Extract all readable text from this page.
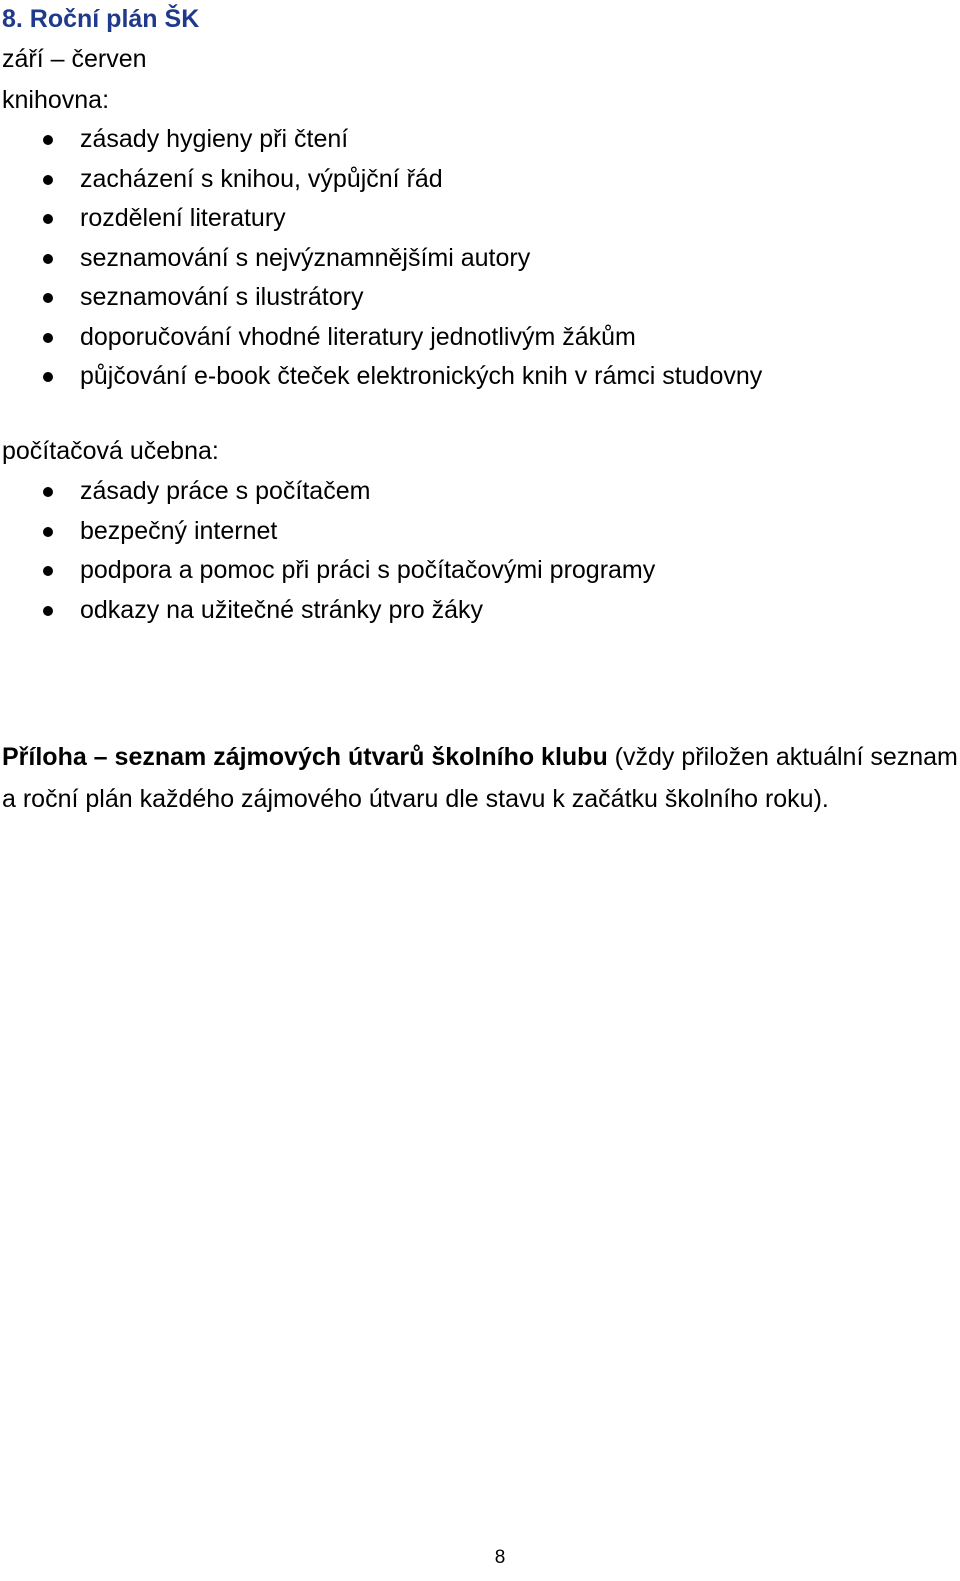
8. Roční plán ŠK
září – červen
knihovna:
zásady hygieny při čtení
zacházení s knihou, výpůjční řád
rozdělení literatury
seznamování s nejvýznamnějšími autory
seznamování s ilustrátory
doporučování vhodné literatury jednotlivým žákům
půjčování e-book čteček elektronických knih v rámci studovny
počítačová učebna:
zásady práce s počítačem
bezpečný internet
podpora a pomoc při práci s počítačovými programy
odkazy na užitečné stránky pro žáky

Příloha – seznam zájmových útvarů školního klubu (vždy přiložen aktuální seznam a roční plán každého zájmového útvaru dle stavu k začátku školního roku).

8
